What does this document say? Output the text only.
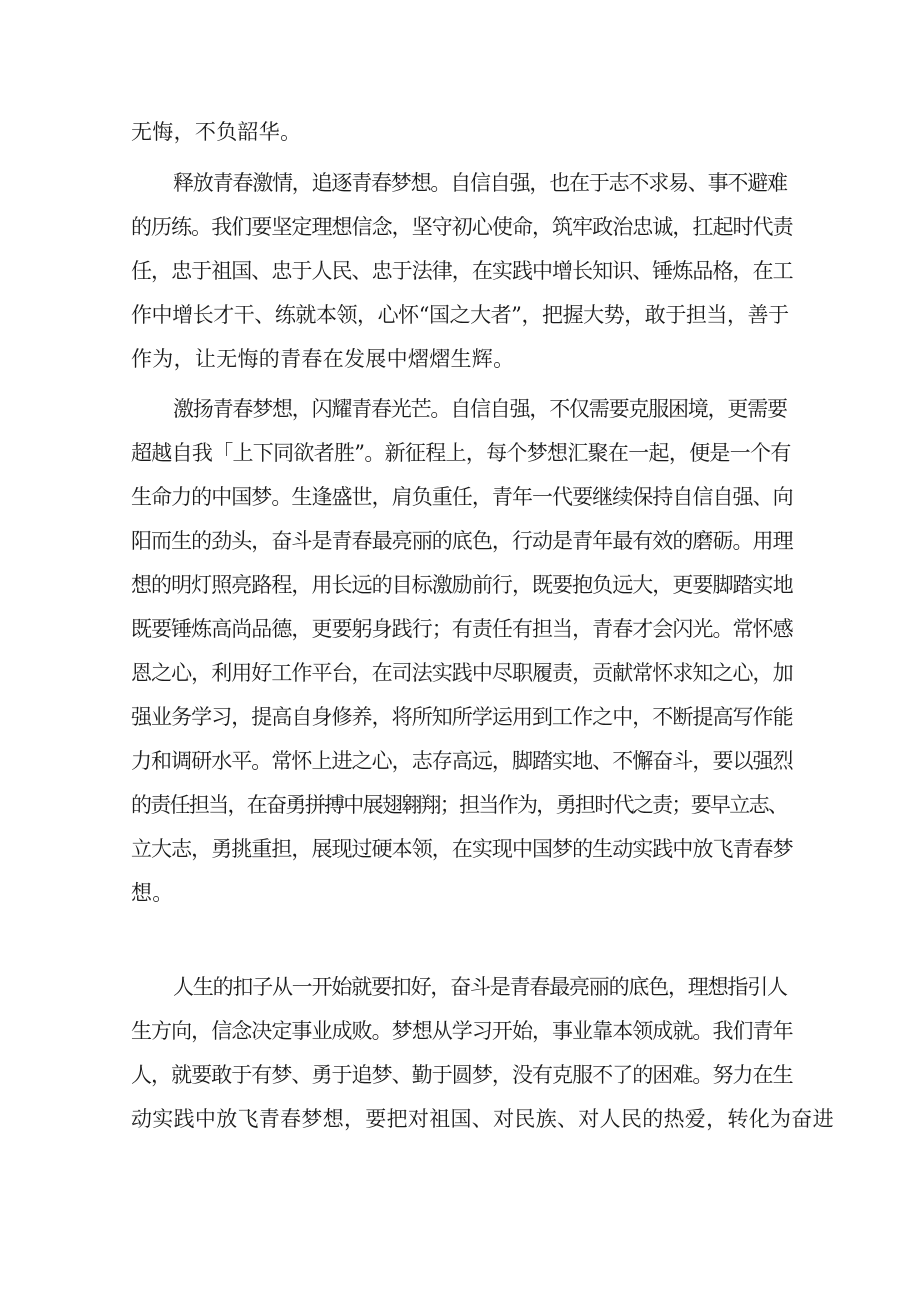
无悔，不负韶华。
释放青春激情，追逐青春梦想。自信自强，也在于志不求易、事不避难
的历练。我们要坚定理想信念，坚守初心使命，筑牢政治忠诚，扛起时代责
任，忠于祖国、忠于人民、忠于法律，在实践中增长知识、锤炼品格，在工
作中增长才干、练就本领，心怀“国之大者”，把握大势，敢于担当，善于
作为，让无悔的青春在发展中熠熠生辉。
激扬青春梦想，闪耀青春光芒。自信自强，不仅需要克服困境，更需要
超越自我「上下同欲者胜”。新征程上，每个梦想汇聚在一起，便是一个有
生命力的中国梦。生逢盛世，肩负重任，青年一代要继续保持自信自强、向
阳而生的劲头，奋斗是青春最亮丽的底色，行动是青年最有效的磨砺。用理
想的明灯照亮路程，用长远的目标激励前行，既要抱负远大，更要脚踏实地
既要锤炼高尚品德，更要躬身践行；有责任有担当，青春才会闪光。常怀感
恩之心，利用好工作平台，在司法实践中尽职履责，贡献常怀求知之心，加
强业务学习，提高自身修养，将所知所学运用到工作之中，不断提高写作能
力和调研水平。常怀上进之心，志存高远，脚踏实地、不懈奋斗，要以强烈
的责任担当，在奋勇拼搏中展翅翱翔；担当作为，勇担时代之责；要早立志、
立大志，勇挑重担，展现过硬本领，在实现中国梦的生动实践中放飞青春梦
想。
人生的扣子从一开始就要扣好，奋斗是青春最亮丽的底色，理想指引人
生方向，信念决定事业成败。梦想从学习开始，事业靠本领成就。我们青年
人，就要敢于有梦、勇于追梦、勤于圆梦，没有克服不了的困难。努力在生
动实践中放飞青春梦想，要把对祖国、对民族、对人民的热爱，转化为奋进
